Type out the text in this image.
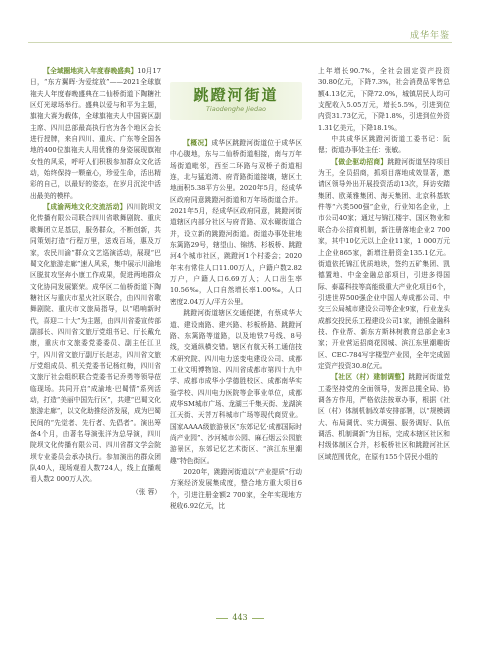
成华年鉴

【全域圈地宾入年度春晚盛典】10月17日，“东方翼晖·为爱绽放”——2021全球旗袍夫人年度春晚盛典在二仙桥街道下陶糖社区灯光球场举行。盛典以爱与和平为主题，旗袍大赛为载体，全球旗袍夫人中国赛区副主席、四川总部最高执行官为各个地区会长进行授牌，来自四川、重庆、广东等全国各地的400位旗袍夫人用优雅的身姿展现旗袍女性的风采，呼吁人们积极参加群众文化活动，始终保持一颗童心，珍爱生命，活出精彩的自己，以最好的姿态，在岁月沉淀中活出最美的模样。

【成渝两地文化交流活动】四川院坝文化传播有限公司联合四川省歌舞剧院、重庆歌舞团立足基层，服务群众，不断创新，共同策划打造“行程万里，送戏百场，惠及万家，农民川渝”群众文艺巡演活动，展现“巴蜀文化旅游走廊”速人风采，集中展示川渝地区脱贫攻坚奔小康工作成果，促进两地群众文化协同发展繁荣。成华区二仙桥街道下陶糖社区与重庆市星火社区联合，由四川省歌舞剧院、重庆市文旅局指导，以“唱响新时代，喜迎二十大”为主题，由四川省委宣传部副部长、四川省文旅厅党组书记、厅长戴允康，重庆市文旅委党委委员、副主任江卫宁，四川省文旅厅副厅长赵志，四川省文旅厅党组成员、机关党委书记杨红梅，四川省文旅厅社会组织联合党委书记乔勇等领导莅临现场。共同开启“成渝地·巴蜀情”系列活动，打造“美丽中国先行区”，共建“巴蜀文化旅游走廊”，以文化助推经济发展，成为巴蜀民间的“先觉者、先行者、先倡者”。演出筹备4个月，由著名导演张洋为总导演，四川院坝文化传播有限公司、四川省群文学会院坝专业委员会承办执行。参加演出的群众团队40人，现场观看人数724人，线上直播观看人数2 000万人次。

（张 蓉）
跳蹬河街道
Tiaodenghe Jiedao

【概况】成华区跳蹬河街道位于成华区中心腹地，东与二仙桥街道相接，南与万年场街道毗邻，西至二环路与双桥子街道相连，北与猛追湾、府青路街道接壤，辖区土地面积5.38平方公里。2020年5月，经成华区政府同意跳蹬河街道和万年场街道合并。2021年5月，经成华区政府同意，跳蹬河街道辖区内部分社区与府青路、双水碾街道合并，设立新的跳蹬河街道。街道办事处驻地东篱路29号，辖望山、锦绣、杉板桥、跳蹬河4个城市社区，跳蹬河1个村委会；2020年末有常住人口11.00万人，户籍户数2.82万户，户籍人口6.69万人；人口出生率10.56‰，人口自然增长率1.00‰，人口密度2.04万人/平方公里。

跳蹬河街道辖区交通便捷，有蔡成华大道、建设南路、建兴路、杉板桥路、跳蹬河路、东篱路等道路，以及地铁7号线、8号线，交通纵横交错。辖区有航天科工通信技术研究院、四川电力送变电建设公司、成都工业文明博物馆、四川省成都市第四十九中学、成都市成华小学德胜校区、成都南华实验学校、四川电力医院等企事业单位，成都成华SM城市广场、龙湖三千集天街、龙湖滨江天街、天菩万科城市广场等现代商贸业。国家AAAA级旅游景区“东郊记忆·成都国际时尚产业园”、沙河城市公园、麻石烟云公园旅游景区，东郊记忆艺术街区、“滨江东里潮趣”特色街区。

2020年，跳蹬河街道以“产业提质”行动方案经济发展集成度，整合地方重大项目6个，引进注册金额2 700家，全年实现地方税收6.92亿元，比

上年增长90.7%，全社会固定资产投资30.80亿元，下降7.3%，社会消费品零售总额4.13亿元，下降72.0%，城镇居民人均可支配收入5.05万元，增长5.5%，引进到位内资31.73亿元，下降1.8%，引进到位外资1.31亿美元，下降18.1%。

中共成华区跳蹬河街道工委书记：阮偲；街道办事处主任：张敏。

【做企驱动招商】跳蹬河街道坚持项目为王，全员招商，抓项目落地成效显著，邀请区领导外出开展投资活动13次，拜访安踏集团、欧莱雅集团、海天集团、北京科基软件等“六类500强”企业，行业知名企业，上市公司40家；通过与锦江楼宇、国区物业和联合办公招商机制，新注册落地企业2 700家，其中10亿元以上企业11家，1 000万元上企业865家，新增注册资金135.1亿元。街道依托锦江优质地块，签约五矿集团、凯德置地、中金金融总部项目，引进多得国际、泰嘉科技等高能级重大产业化项目6个，引进世界500强企业中国人寿成都公司、中交三公局城市建设公司等企业9家，行业龙头成都交投民乐工程建设公司1家，浦银金融科技、作业帮、新东方斯林树教育总部企业3家；开业营运招商花园城、滨江东里潮趣街区、CEC-784写字楼型产业园，全年完成固定资产投资30.8亿元。

【社区（村）建制调整】跳蹬河街道党工委坚持党的全面领导，发挥总揽全局、协调各方作用，严格依法按章办事，根据《社区（村）体制机制改革安排部署，以“规模调大、布局调优、实力调强、服务调好、队伍调活、机制调新”为目标，完成本辖区社区和村级体制区合并，杉板桥社区和跳蹬河社区区域范围优化，在原有155个居民小组的

443
